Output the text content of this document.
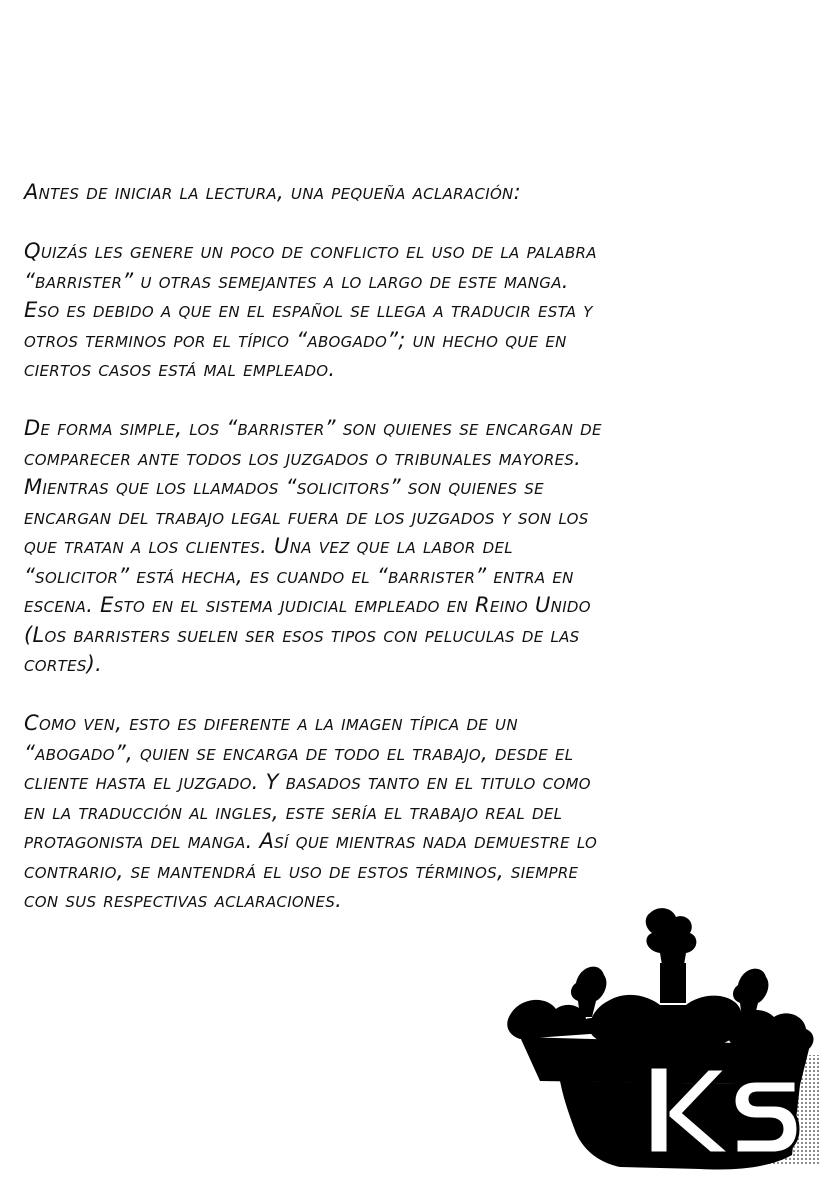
Antes de iniciar la lectura, una pequeña aclaración:

Quizás les genere un poco de conflicto el uso de la palabra
“barrister” u otras semejantes a lo largo de este manga.
Eso es debido a que en el español se llega a traducir esta y
otros terminos por el típico “abogado”; un hecho que en
ciertos casos está mal empleado.

De forma simple, los “barrister” son quienes se encargan de
comparecer ante todos los juzgados o tribunales mayores.
Mientras que los llamados “solicitors” son quienes se
encargan del trabajo legal fuera de los juzgados y son los
que tratan a los clientes. Una vez que la labor del
“solicitor” está hecha, es cuando el “barrister” entra en
escena. Esto en el sistema judicial empleado en Reino Unido
(Los barristers suelen ser esos tipos con peluculas de las
cortes).

Como ven, esto es diferente a la imagen típica de un
“abogado”, quien se encarga de todo el trabajo, desde el
cliente hasta el juzgado. Y basados tanto en el titulo como
en la traducción al ingles, este sería el trabajo real del
protagonista del manga. Así que mientras nada demuestre lo
contrario, se mantendrá el uso de estos términos, siempre
con sus respectivas aclaraciones.
